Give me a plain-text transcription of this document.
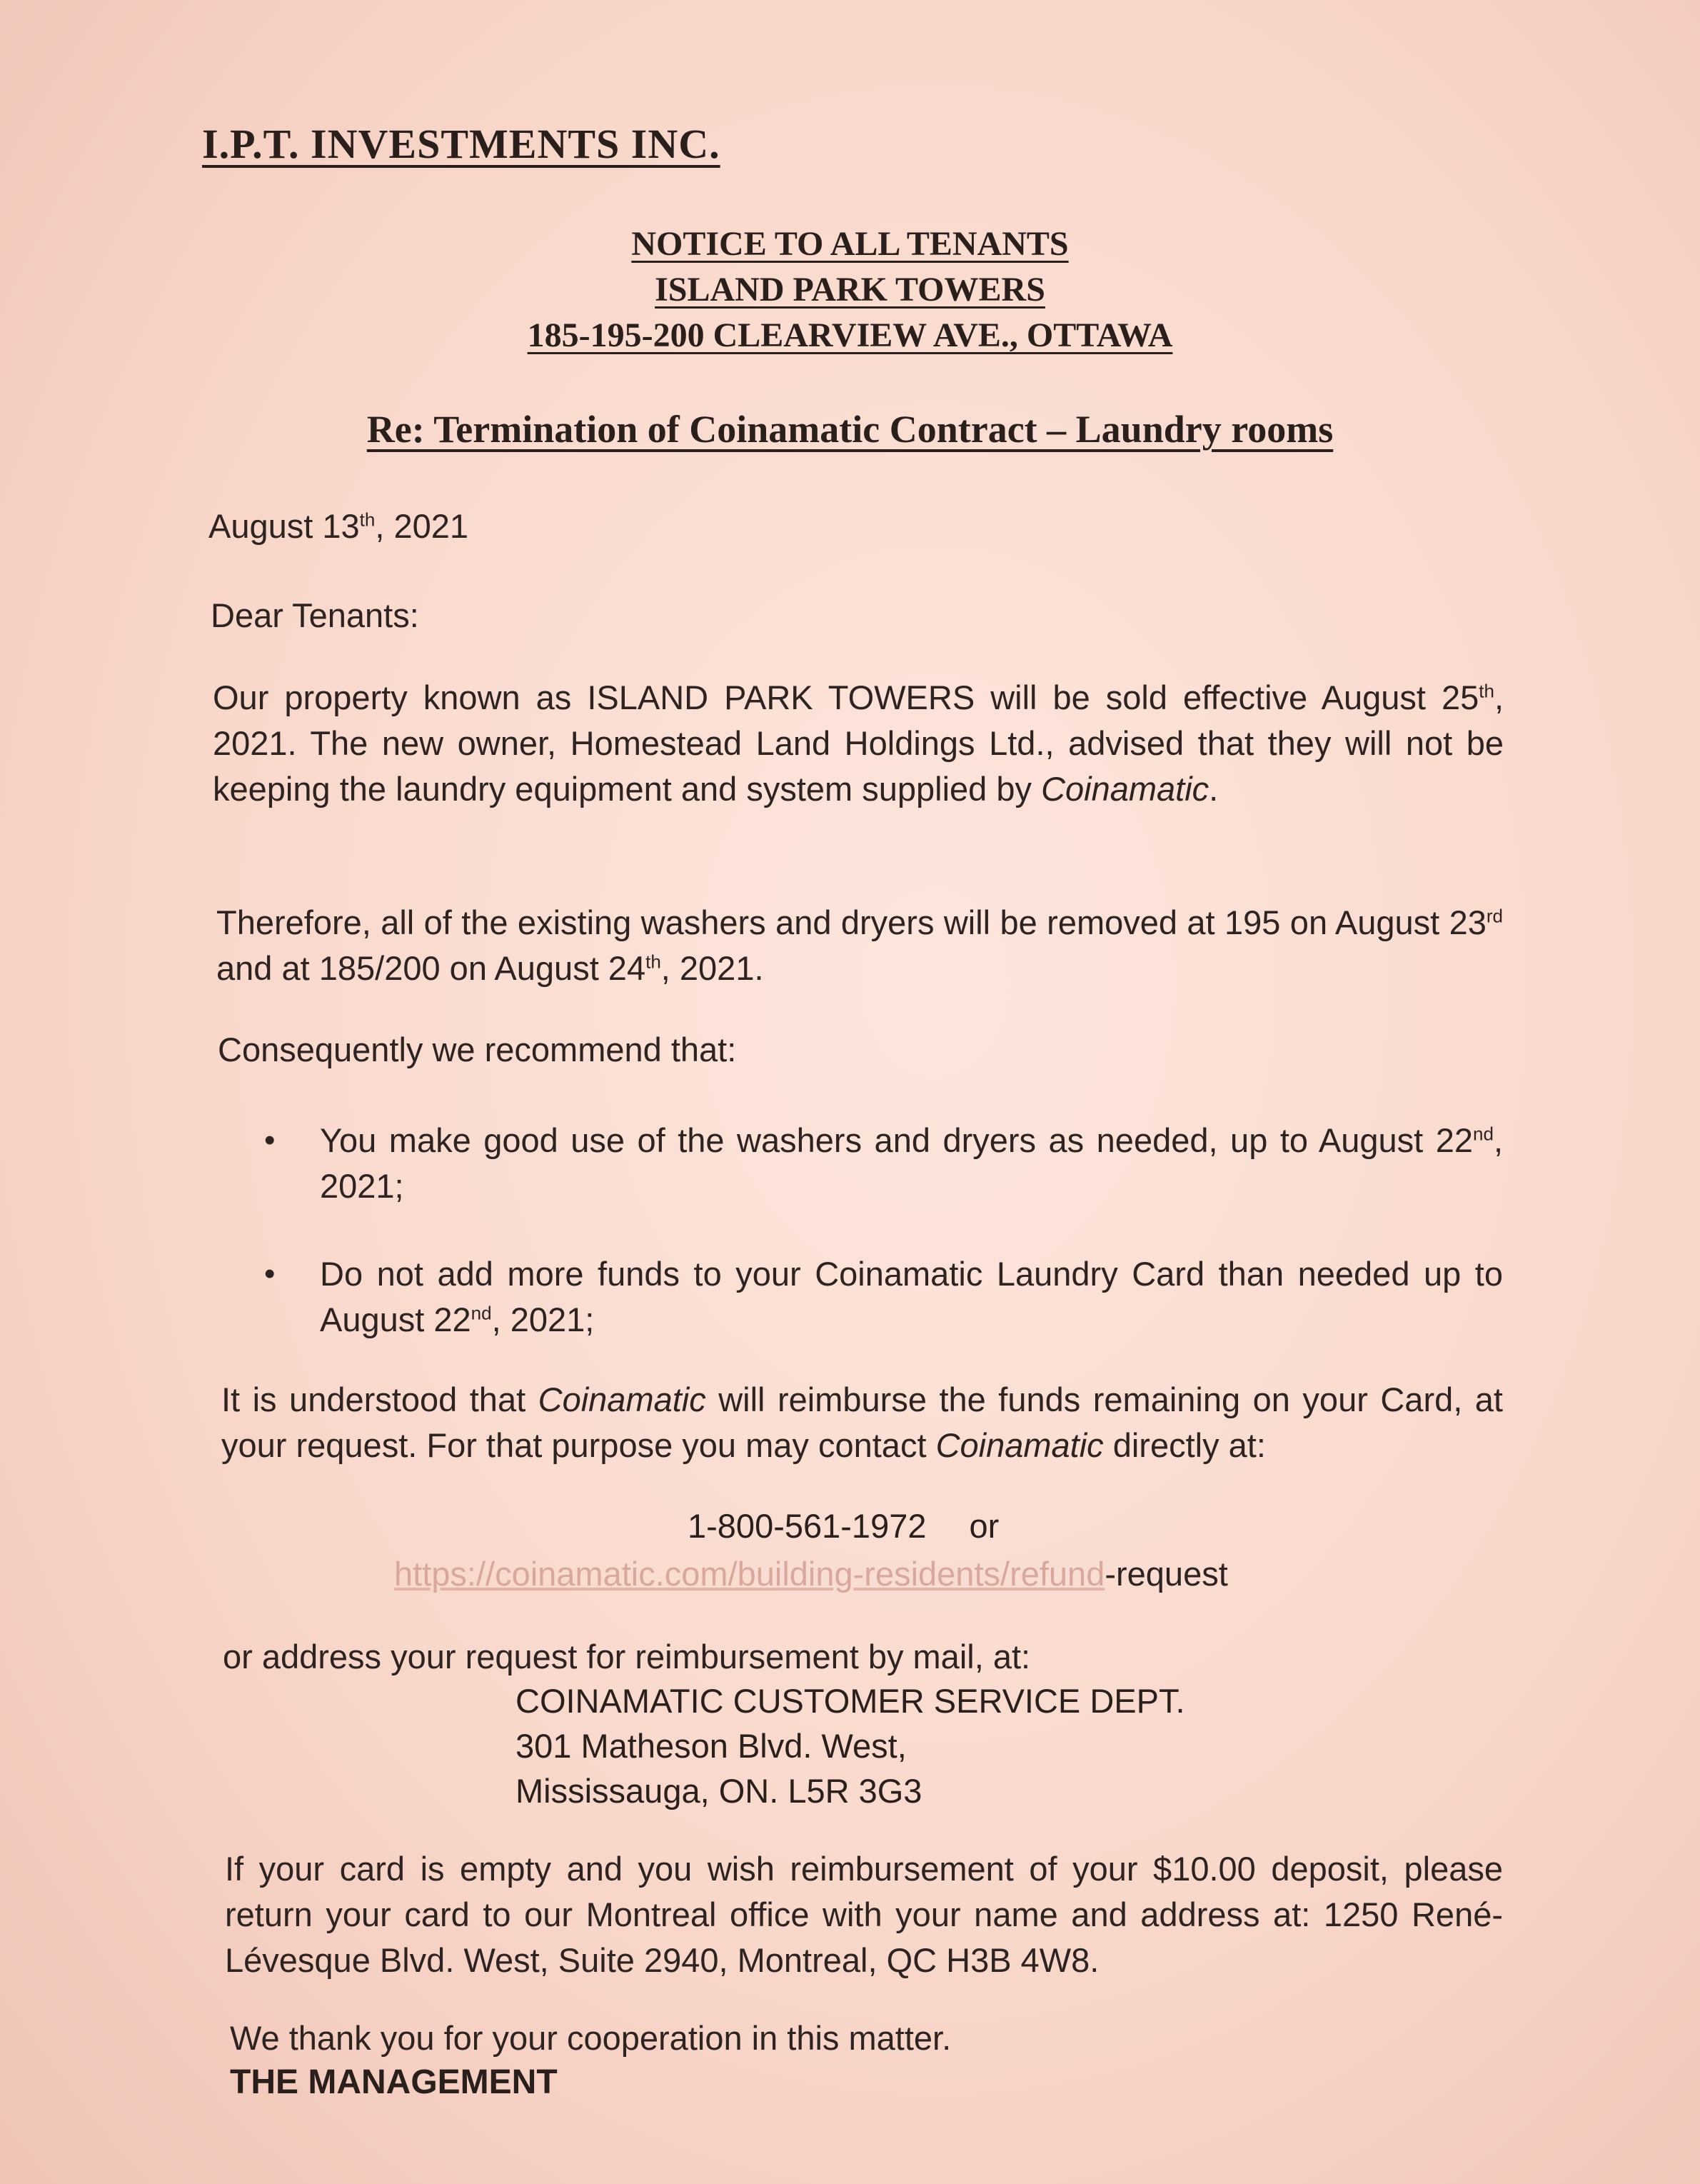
I.P.T. INVESTMENTS INC.
NOTICE TO ALL TENANTS
ISLAND PARK TOWERS
185-195-200 CLEARVIEW AVE., OTTAWA
Re: Termination of Coinamatic Contract – Laundry rooms
August 13th, 2021
Dear Tenants:
Our property known as ISLAND PARK TOWERS will be sold effective August 25th, 2021. The new owner, Homestead Land Holdings Ltd., advised that they will not be keeping the laundry equipment and system supplied by Coinamatic.
Therefore, all of the existing washers and dryers will be removed at 195 on August 23rd and at 185/200 on August 24th, 2021.
Consequently we recommend that:
• You make good use of the washers and dryers as needed, up to August 22nd, 2021;
• Do not add more funds to your Coinamatic Laundry Card than needed up to August 22nd, 2021;
It is understood that Coinamatic will reimburse the funds remaining on your Card, at your request. For that purpose you may contact Coinamatic directly at:
1-800-561-1972 or
https://coinamatic.com/building-residents/refund-request
or address your request for reimbursement by mail, at:
COINAMATIC CUSTOMER SERVICE DEPT.
301 Matheson Blvd. West,
Mississauga, ON. L5R 3G3
If your card is empty and you wish reimbursement of your $10.00 deposit, please return your card to our Montreal office with your name and address at: 1250 René-Lévesque Blvd. West, Suite 2940, Montreal, QC H3B 4W8.
We thank you for your cooperation in this matter.
THE MANAGEMENT
